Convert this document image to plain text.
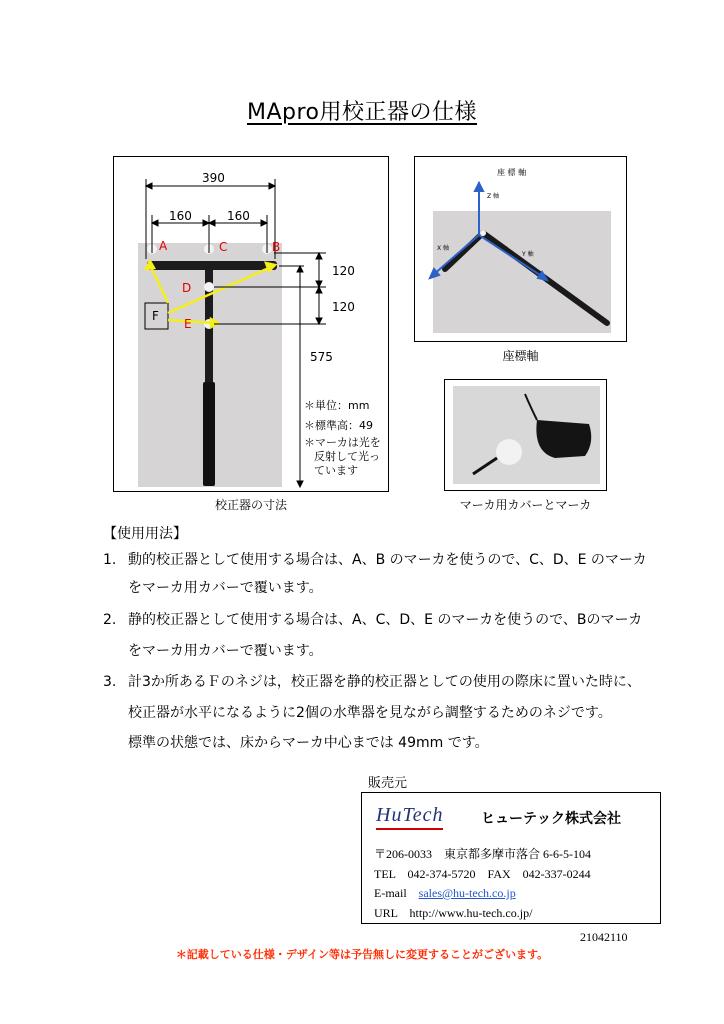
MApro用校正器の仕様
390
160	160
120
120
575
A	C	B
D
E
F
＊単位：mm
＊標準高：49
＊マーカは光を
反射して光っ
ています
校正器の寸法
座 標 軸
Z 軸
X 軸
Y 軸
座標軸
マーカ用カバーとマーカ
【使用用法】
1. 動的校正器として使用する場合は、A、B のマーカを使うので、C、D、E のマーカ
をマーカ用カバーで覆います。
2. 静的校正器として使用する場合は、A、C、D、E のマーカを使うので、Bのマーカ
をマーカ用カバーで覆います。
3. 計3か所あるＦのネジは，校正器を静的校正器としての使用の際床に置いた時に、
校正器が水平になるように2個の水準器を見ながら調整するためのネジです。
標準の状態では、床からマーカ中心までは 49mm です。
販売元
HuTech	ヒューテック株式会社
〒206-0033　東京都多摩市落合 6-6-5-104
TEL　042-374-5720　FAX　042-337-0244
E-mail　 sales@hu-tech.co.jp
URL　http://www.hu-tech.co.jp/
21042110
＊記載している仕様・デザイン等は予告無しに変更することがございます。
